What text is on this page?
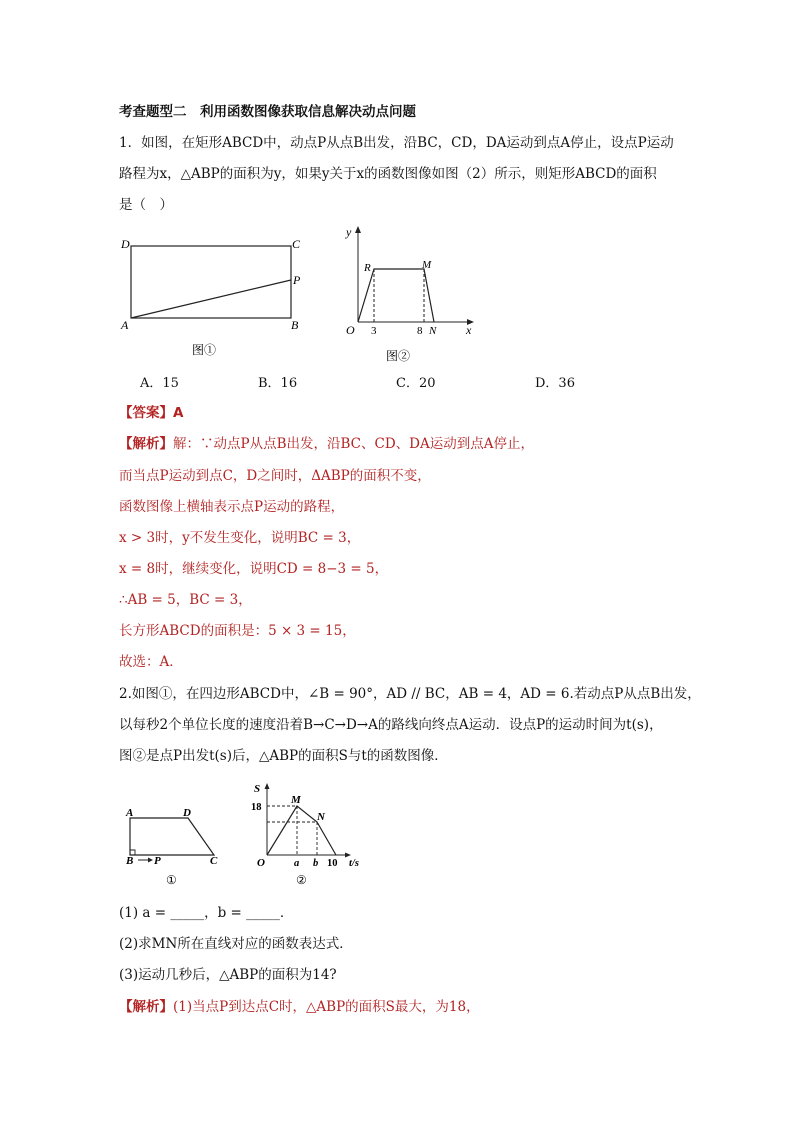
考查题型二　利用函数图像获取信息解决动点问题
1．如图，在矩形ABCD中，动点P从点B出发，沿BC，CD，DA运动到点A停止，设点P运动
路程为x，△ABP的面积为y，如果y关于x的函数图像如图（2）所示，则矩形ABCD的面积
是（　）
D	C
P
A	B
图①
y
x
R	M
O 3	8 N
图②
A．15	B．16	C．20	D．36
【答案】A
【解析】解：∵动点P从点B出发，沿BC、CD、DA运动到点A停止，
而当点P运动到点C，D之间时，ΔABP的面积不变，
函数图像上横轴表示点P运动的路程，
x > 3时，y不发生变化，说明BC = 3，
x = 8时，继续变化，说明CD = 8−3 = 5，
∴AB = 5，BC = 3，
长方形ABCD的面积是：5 × 3 = 15，
故选：A．
2.如图①，在四边形ABCD中，∠B = 90°，AD // BC，AB = 4，AD = 6.若动点P从点B出发，
以每秒2个单位长度的速度沿着B→C→D→A的路线向终点A运动．设点P的运动时间为t(s)，
图②是点P出发t(s)后，△ABP的面积S与t的函数图像．
A	D
B P	C
①
S
18
M
N
O	a b 10 t/s
②
(1) a = _____，b = _____．
(2)求MN所在直线对应的函数表达式．
(3)运动几秒后，△ABP的面积为14?
【解析】(1)当点P到达点C时，△ABP的面积S最大，为18，
